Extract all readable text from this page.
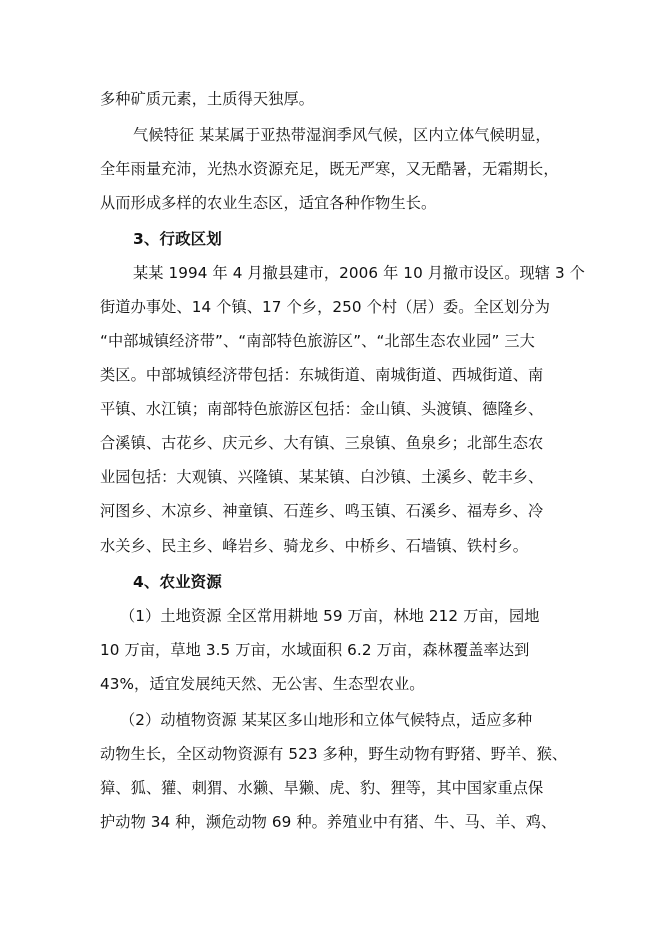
多种矿质元素，土质得天独厚。
气候特征 某某属于亚热带湿润季风气候，区内立体气候明显，
全年雨量充沛，光热水资源充足，既无严寒，又无酷暑，无霜期长，
从而形成多样的农业生态区，适宜各种作物生长。
3、行政区划
某某 1994 年 4 月撤县建市，2006 年 10 月撤市设区。现辖 3 个
街道办事处、14 个镇、17 个乡，250 个村（居）委。全区划分为
“中部城镇经济带”、“南部特色旅游区”、“北部生态农业园” 三大
类区。中部城镇经济带包括：东城街道、南城街道、西城街道、南
平镇、水江镇；南部特色旅游区包括：金山镇、头渡镇、德隆乡、
合溪镇、古花乡、庆元乡、大有镇、三泉镇、鱼泉乡；北部生态农
业园包括：大观镇、兴隆镇、某某镇、白沙镇、土溪乡、乾丰乡、
河图乡、木凉乡、神童镇、石莲乡、鸣玉镇、石溪乡、福寿乡、冷
水关乡、民主乡、峰岩乡、骑龙乡、中桥乡、石墙镇、铁村乡。
4、农业资源
（1）土地资源 全区常用耕地 59 万亩，林地 212 万亩，园地
10 万亩，草地 3.5 万亩，水域面积 6.2 万亩，森林覆盖率达到
43%，适宜发展纯天然、无公害、生态型农业。
（2）动植物资源 某某区多山地形和立体气候特点，适应多种
动物生长，全区动物资源有 523 多种，野生动物有野猪、野羊、猴、
獐、狐、獾、刺猬、水獭、旱獭、虎、豹、狸等，其中国家重点保
护动物 34 种，濒危动物 69 种。养殖业中有猪、牛、马、羊、鸡、
